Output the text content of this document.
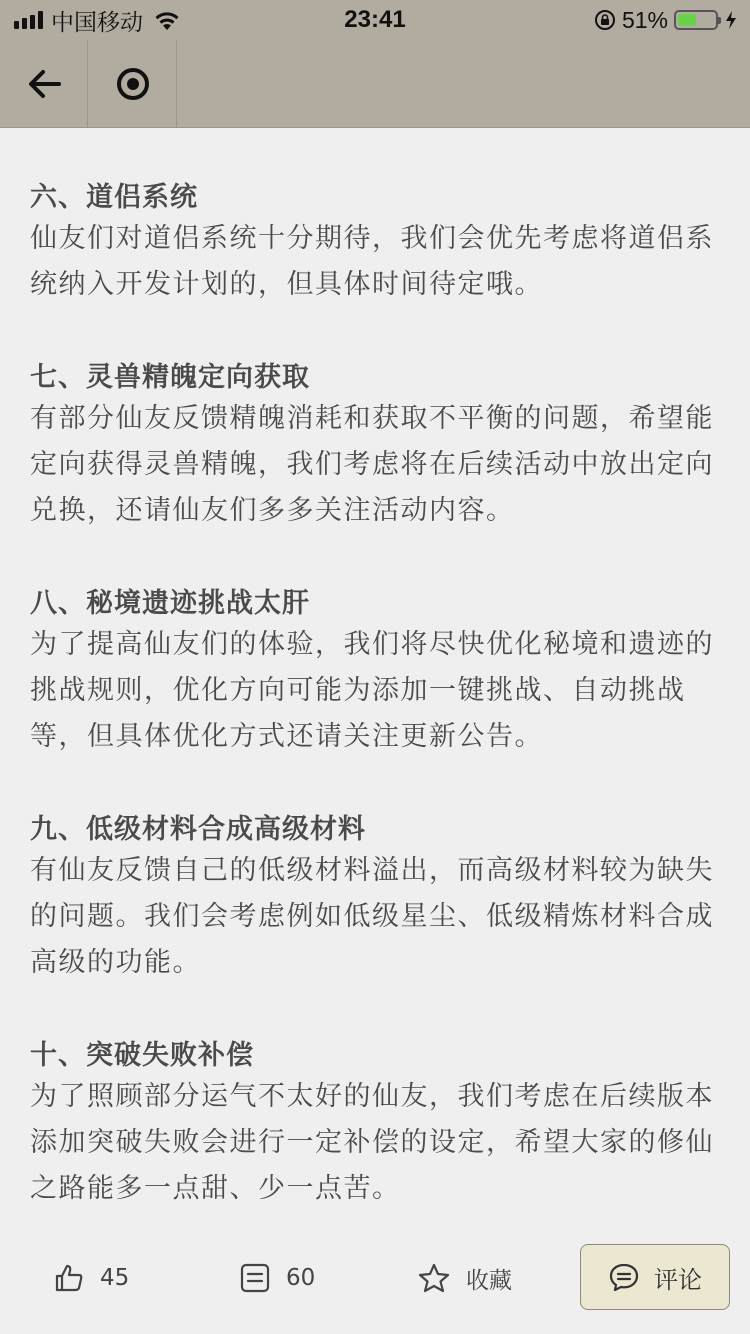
中国移动	23:41	51%
六、道侣系统

仙友们对道侣系统十分期待，我们会优先考虑将道侣系统纳入开发计划的，但具体时间待定哦。

七、灵兽精魄定向获取

有部分仙友反馈精魄消耗和获取不平衡的问题，希望能定向获得灵兽精魄，我们考虑将在后续活动中放出定向兑换，还请仙友们多多关注活动内容。

八、秘境遗迹挑战太肝

为了提高仙友们的体验，我们将尽快优化秘境和遗迹的挑战规则，优化方向可能为添加一键挑战、自动挑战等，但具体优化方式还请关注更新公告。

九、低级材料合成高级材料

有仙友反馈自己的低级材料溢出，而高级材料较为缺失的问题。我们会考虑例如低级星尘、低级精炼材料合成高级的功能。

十、突破失败补偿

为了照顾部分运气不太好的仙友，我们考虑在后续版本添加突破失败会进行一定补偿的设定，希望大家的修仙之路能多一点甜、少一点苦。

45	60	收藏	评论
